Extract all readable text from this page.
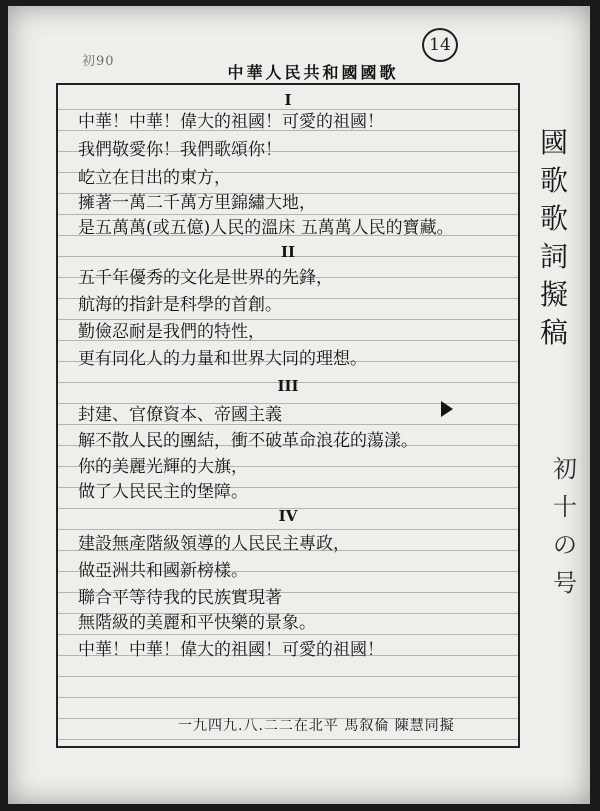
初90
14
中華人民共和國國歌
I
中華！中華！偉大的祖國！可愛的祖國！
我們敬愛你！我們歌頌你！
屹立在日出的東方，
擁著一萬二千萬方里錦繡大地，
是五萬萬(或五億)人民的溫床 五萬萬人民的寶藏。
II
五千年優秀的文化是世界的先鋒，
航海的指針是科學的首創。
勤儉忍耐是我們的特性，
更有同化人的力量和世界大同的理想。
III
封建、官僚資本、帝國主義
解不散人民的團結，衝不破革命浪花的蕩漾。
你的美麗光輝的大旗，
做了人民民主的堡障。
IV
建設無產階級領導的人民民主專政，
做亞洲共和國新榜樣。
聯合平等待我的民族實現著
無階級的美麗和平快樂的景象。
中華！中華！偉大的祖國！可愛的祖國！
一九四九.八.二二在北平 馬叙倫 陳慧同擬
國
歌
歌
詞
擬
稿
初
十
の
号
